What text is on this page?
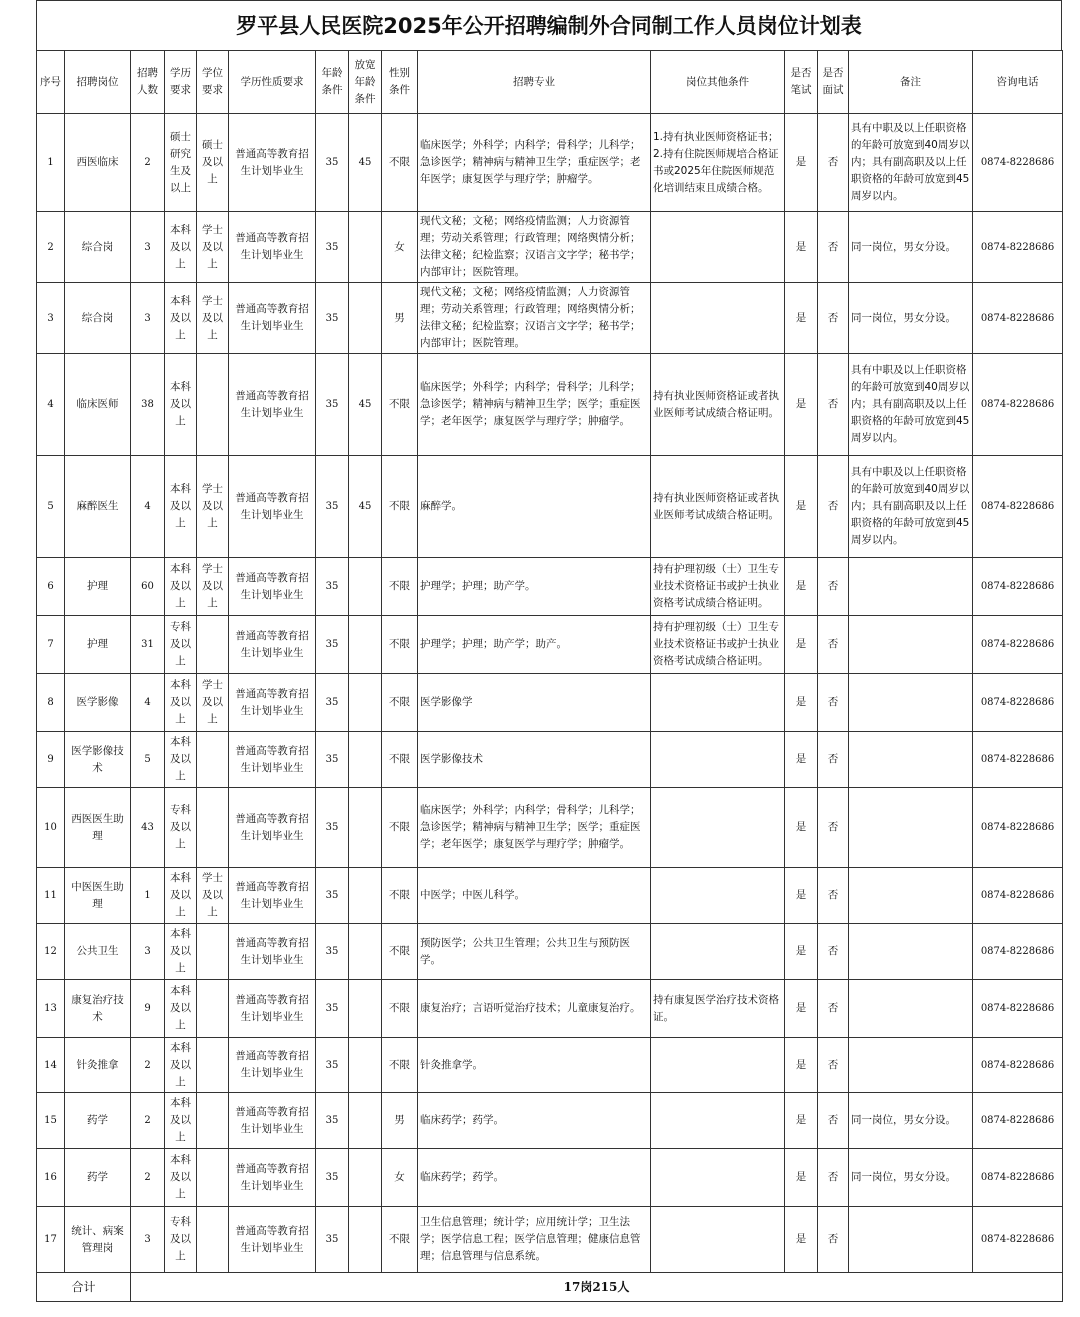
罗平县人民医院2025年公开招聘编制外合同制工作人员岗位计划表
序号	招聘岗位	招聘人数	学历要求	学位要求	学历性质要求	年龄条件	放宽年龄条件	性别条件	招聘专业	岗位其他条件	是否笔试	是否面试	备注	咨询电话
1	西医临床	2	硕士研究生及以上	硕士及以上	普通高等教育招生计划毕业生	35	45	不限	临床医学；外科学；内科学；骨科学；儿科学；急诊医学；精神病与精神卫生学；重症医学；老年医学；康复医学与理疗学；肿瘤学。	1.持有执业医师资格证书；2.持有住院医师规培合格证书或2025年住院医师规范化培训结束且成绩合格。	是	否	具有中职及以上任职资格的年龄可放宽到40周岁以内；具有副高职及以上任职资格的年龄可放宽到45周岁以内。	0874-8228686
2	综合岗	3	本科及以上	学士及以上	普通高等教育招生计划毕业生	35		女	现代文秘；文秘；网络疫情监测；人力资源管理；劳动关系管理；行政管理；网络舆情分析；法律文秘；纪检监察；汉语言文字学；秘书学；内部审计；医院管理。		是	否	同一岗位，男女分设。	0874-8228686
3	综合岗	3	本科及以上	学士及以上	普通高等教育招生计划毕业生	35		男	现代文秘；文秘；网络疫情监测；人力资源管理；劳动关系管理；行政管理；网络舆情分析；法律文秘；纪检监察；汉语言文字学；秘书学；内部审计；医院管理。		是	否	同一岗位，男女分设。	0874-8228686
4	临床医师	38	本科及以上		普通高等教育招生计划毕业生	35	45	不限	临床医学；外科学；内科学；骨科学；儿科学；急诊医学；精神病与精神卫生学；医学；重症医学；老年医学；康复医学与理疗学；肿瘤学。	持有执业医师资格证或者执业医师考试成绩合格证明。	是	否	具有中职及以上任职资格的年龄可放宽到40周岁以内；具有副高职及以上任职资格的年龄可放宽到45周岁以内。	0874-8228686
5	麻醉医生	4	本科及以上	学士及以上	普通高等教育招生计划毕业生	35	45	不限	麻醉学。	持有执业医师资格证或者执业医师考试成绩合格证明。	是	否	具有中职及以上任职资格的年龄可放宽到40周岁以内；具有副高职及以上任职资格的年龄可放宽到45周岁以内。	0874-8228686
6	护理	60	本科及以上	学士及以上	普通高等教育招生计划毕业生	35		不限	护理学；护理；助产学。	持有护理初级（士）卫生专业技术资格证书或护士执业资格考试成绩合格证明。	是	否		0874-8228686
7	护理	31	专科及以上		普通高等教育招生计划毕业生	35		不限	护理学；护理；助产学；助产。	持有护理初级（士）卫生专业技术资格证书或护士执业资格考试成绩合格证明。	是	否		0874-8228686
8	医学影像	4	本科及以上	学士及以上	普通高等教育招生计划毕业生	35		不限	医学影像学		是	否		0874-8228686
9	医学影像技术	5	本科及以上		普通高等教育招生计划毕业生	35		不限	医学影像技术		是	否		0874-8228686
10	西医医生助理	43	专科及以上		普通高等教育招生计划毕业生	35		不限	临床医学；外科学；内科学；骨科学；儿科学；急诊医学；精神病与精神卫生学；医学；重症医学；老年医学；康复医学与理疗学；肿瘤学。		是	否		0874-8228686
11	中医医生助理	1	本科及以上	学士及以上	普通高等教育招生计划毕业生	35		不限	中医学；中医儿科学。		是	否		0874-8228686
12	公共卫生	3	本科及以上		普通高等教育招生计划毕业生	35		不限	预防医学；公共卫生管理；公共卫生与预防医学。		是	否		0874-8228686
13	康复治疗技术	9	本科及以上		普通高等教育招生计划毕业生	35		不限	康复治疗；言语听觉治疗技术；儿童康复治疗。	持有康复医学治疗技术资格证。	是	否		0874-8228686
14	针灸推拿	2	本科及以上		普通高等教育招生计划毕业生	35		不限	针灸推拿学。		是	否		0874-8228686
15	药学	2	本科及以上		普通高等教育招生计划毕业生	35		男	临床药学；药学。		是	否	同一岗位，男女分设。	0874-8228686
16	药学	2	本科及以上		普通高等教育招生计划毕业生	35		女	临床药学；药学。		是	否	同一岗位，男女分设。	0874-8228686
17	统计、病案管理岗	3	专科及以上		普通高等教育招生计划毕业生	35		不限	卫生信息管理；统计学；应用统计学；卫生法学；医学信息工程；医学信息管理；健康信息管理；信息管理与信息系统。		是	否		0874-8228686
合计		17岗215人												
